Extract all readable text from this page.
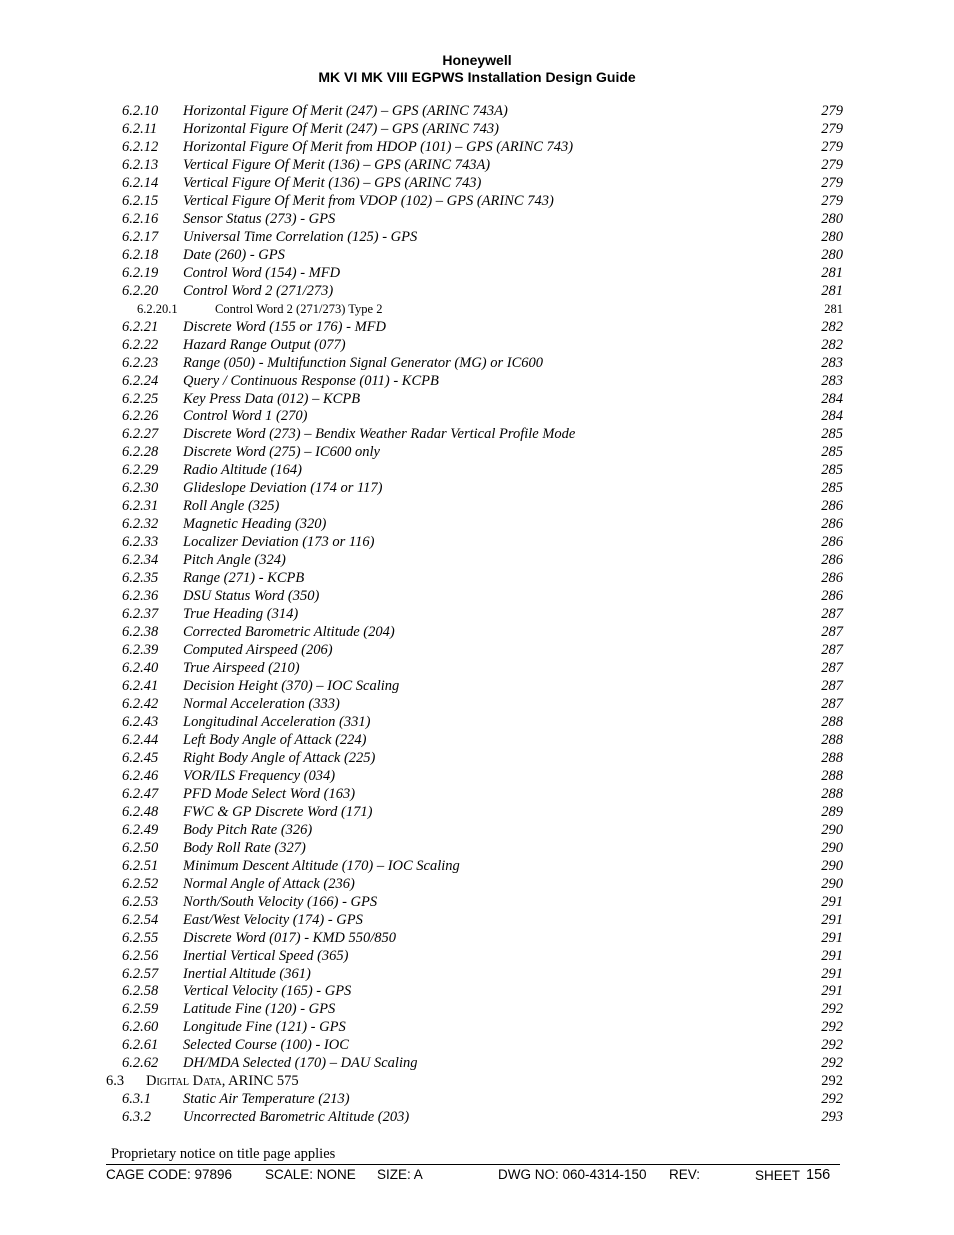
Honeywell
MK VI MK VIII EGPWS Installation Design Guide
6.2.10 Horizontal Figure Of Merit (247) – GPS (ARINC 743A)	279
6.2.11 Horizontal Figure Of Merit (247) – GPS (ARINC 743)	279
6.2.12 Horizontal Figure Of Merit from HDOP (101) – GPS (ARINC 743)	279
6.2.13 Vertical Figure Of Merit (136) – GPS (ARINC 743A)	279
6.2.14 Vertical Figure Of Merit (136) – GPS (ARINC 743)	279
6.2.15 Vertical Figure Of Merit from VDOP (102) – GPS (ARINC 743)	279
6.2.16 Sensor Status (273) - GPS	280
6.2.17 Universal Time Correlation (125) - GPS	280
6.2.18 Date (260) - GPS	280
6.2.19 Control Word (154) - MFD	281
6.2.20 Control Word 2 (271/273)	281
6.2.20.1	Control Word 2 (271/273) Type 2	281
6.2.21 Discrete Word (155 or 176) - MFD	282
6.2.22 Hazard Range Output (077)	282
6.2.23 Range (050) - Multifunction Signal Generator (MG) or IC600	283
6.2.24 Query / Continuous Response (011) - KCPB	283
6.2.25 Key Press Data (012) – KCPB	284
6.2.26 Control Word 1 (270)	284
6.2.27 Discrete Word (273) – Bendix Weather Radar Vertical Profile Mode	285
6.2.28 Discrete Word (275) – IC600 only	285
6.2.29 Radio Altitude (164)	285
6.2.30 Glideslope Deviation (174 or 117)	285
6.2.31 Roll Angle (325)	286
6.2.32 Magnetic Heading (320)	286
6.2.33 Localizer Deviation (173 or 116)	286
6.2.34 Pitch Angle (324)	286
6.2.35 Range (271) - KCPB	286
6.2.36 DSU Status Word (350)	286
6.2.37 True Heading (314)	287
6.2.38 Corrected Barometric Altitude (204)	287
6.2.39 Computed Airspeed (206)	287
6.2.40 True Airspeed (210)	287
6.2.41 Decision Height (370) – IOC Scaling	287
6.2.42 Normal Acceleration (333)	287
6.2.43 Longitudinal Acceleration (331)	288
6.2.44 Left Body Angle of Attack (224)	288
6.2.45 Right Body Angle of Attack (225)	288
6.2.46 VOR/ILS Frequency (034)	288
6.2.47 PFD Mode Select Word (163)	288
6.2.48 FWC & GP Discrete Word (171)	289
6.2.49 Body Pitch Rate (326)	290
6.2.50 Body Roll Rate (327)	290
6.2.51 Minimum Descent Altitude (170) – IOC Scaling	290
6.2.52 Normal Angle of Attack (236)	290
6.2.53 North/South Velocity (166) - GPS	291
6.2.54 East/West Velocity (174) - GPS	291
6.2.55 Discrete Word (017) - KMD 550/850	291
6.2.56 Inertial Vertical Speed (365)	291
6.2.57 Inertial Altitude (361)	291
6.2.58 Vertical Velocity (165) - GPS	291
6.2.59 Latitude Fine (120) - GPS	292
6.2.60 Longitude Fine (121) - GPS	292
6.2.61 Selected Course (100) - IOC	292
6.2.62 DH/MDA Selected (170) – DAU Scaling	292
6.3 Digital Data, ARINC 575	292
6.3.1 Static Air Temperature (213)	292
6.3.2 Uncorrected Barometric Altitude (203)	293
Proprietary notice on title page applies
CAGE CODE: 97896 SCALE: NONE SIZE: A	DWG NO: 060-4314-150 REV:	SHEET 156
